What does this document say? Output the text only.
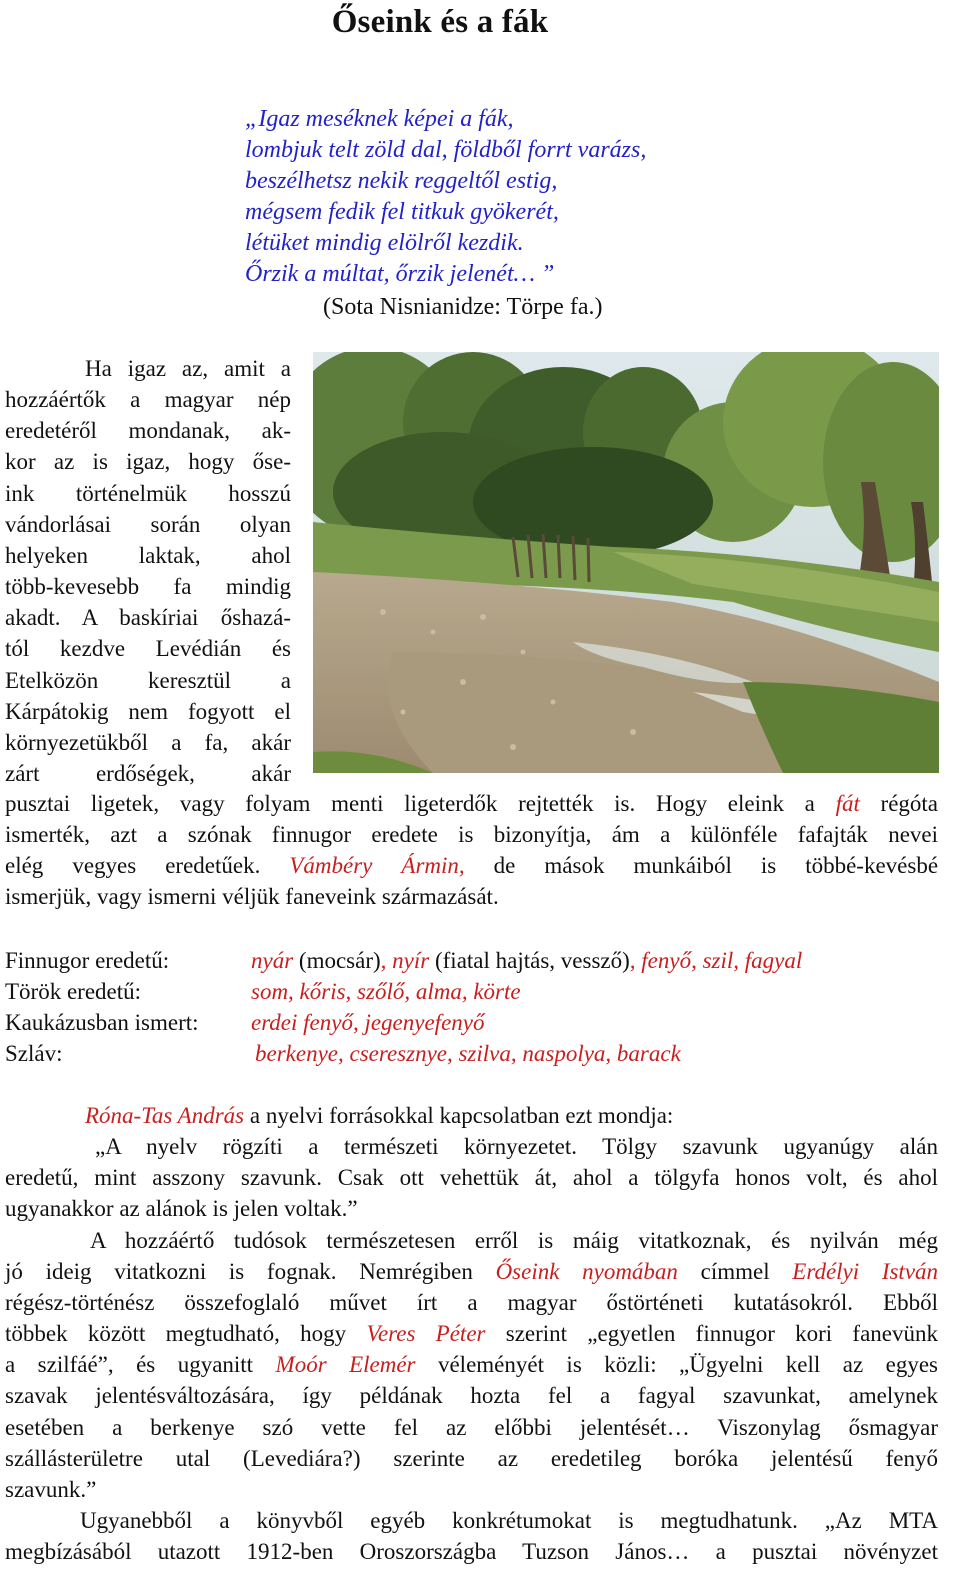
Őseink és a fák
„Igaz meséknek képei a fák,
lombjuk telt zöld dal, földből forrt varázs,
beszélhetsz nekik reggeltől estig,
mégsem fedik fel titkuk gyökerét,
létüket mindig elölről kezdik.
Őrzik a múltat, őrzik jelenét… ”
(Sota Nisnianidze: Törpe fa.)
Ha igaz az, amit a
hozzáértők a magyar nép
eredetéről mondanak, ak-
kor az is igaz, hogy őse-
ink történelmük hosszú
vándorlásai során olyan
helyeken laktak, ahol
több-kevesebb fa mindig
akadt. A baskíriai őshazá-
tól kezdve Levédián és
Etelközön keresztül a
Kárpátokig nem fogyott el
környezetükből a fa, akár
zárt erdőségek, akár
pusztai ligetek, vagy folyam menti ligeterdők rejtették is. Hogy eleink a fát régóta
ismerték, azt a szónak finnugor eredete is bizonyítja, ám a különféle fafajták nevei
elég vegyes eredetűek. Vámbéry Ármin, de mások munkáiból is többé-kevésbé
ismerjük, vagy ismerni véljük faneveink származását.
Finnugor eredetű:	nyár (mocsár), nyír (fiatal hajtás, vessző), fenyő, szil, fagyal
Török eredetű:	som, kőris, szőlő, alma, körte
Kaukázusban ismert: erdei fenyő, jegenyefenyő
Szláv:	berkenye, cseresznye, szilva, naspolya, barack
Róna-Tas András a nyelvi forrásokkal kapcsolatban ezt mondja:
„A nyelv rögzíti a természeti környezetet. Tölgy szavunk ugyanúgy alán
eredetű, mint asszony szavunk. Csak ott vehettük át, ahol a tölgyfa honos volt, és ahol
ugyanakkor az alánok is jelen voltak.”
A hozzáértő tudósok természetesen erről is máig vitatkoznak, és nyilván még
jó ideig vitatkozni is fognak. Nemrégiben Őseink nyomában címmel Erdélyi István
régész-történész összefoglaló művet írt a magyar őstörténeti kutatásokról. Ebből
többek között megtudható, hogy Veres Péter szerint „egyetlen finnugor kori fanevünk
a szilfáé”, és ugyanitt Moór Elemér véleményét is közli: „Ügyelni kell az egyes
szavak jelentésváltozására, így példának hozta fel a fagyal szavunkat, amelynek
esetében a berkenye szó vette fel az előbbi jelentését… Viszonylag ősmagyar
szállásterületre utal (Levediára?) szerinte az eredetileg boróka jelentésű fenyő
szavunk.”
Ugyanebből a könyvből egyéb konkrétumokat is megtudhatunk. „Az MTA
megbízásából utazott 1912-ben Oroszországba Tuzson János… a pusztai növényzet
